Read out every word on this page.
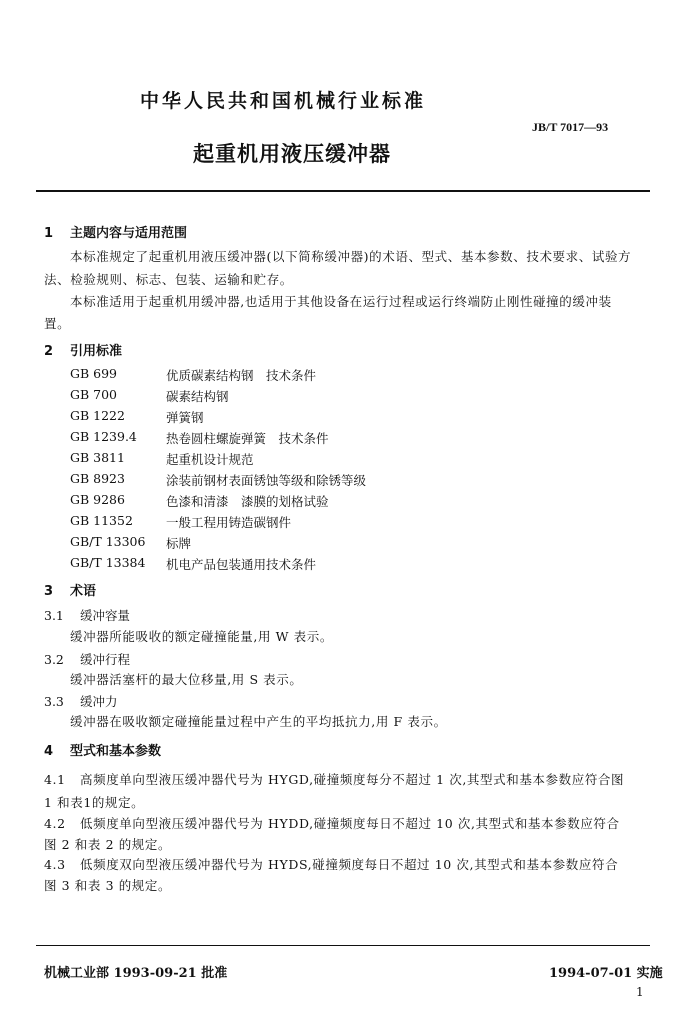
中华人民共和国机械行业标准
JB/T 7017—93
起重机用液压缓冲器
1 主题内容与适用范围
本标准规定了起重机用液压缓冲器(以下简称缓冲器)的术语、型式、基本参数、技术要求、试验方
法、检验规则、标志、包装、运输和贮存。
本标准适用于起重机用缓冲器,也适用于其他设备在运行过程或运行终端防止刚性碰撞的缓冲装
置。
2 引用标准
GB 699	优质碳素结构钢　技术条件
GB 700	碳素结构钢
GB 1222	弹簧钢
GB 1239.4 热卷圆柱螺旋弹簧　技术条件
GB 3811	起重机设计规范
GB 8923	涂装前钢材表面锈蚀等级和除锈等级
GB 9286	色漆和清漆　漆膜的划格试验
GB 11352	一般工程用铸造碳钢件
GB/T 13306 标牌
GB/T 13384 机电产品包装通用技术条件
3 术语
3.1 缓冲容量
缓冲器所能吸收的额定碰撞能量,用 W 表示。
3.2 缓冲行程
缓冲器活塞杆的最大位移量,用 S 表示。
3.3 缓冲力
缓冲器在吸收额定碰撞能量过程中产生的平均抵抗力,用 F 表示。
4 型式和基本参数
4.1 高频度单向型液压缓冲器代号为 HYGD,碰撞频度每分不超过 1 次,其型式和基本参数应符合图
1 和表1的规定。
4.2 低频度单向型液压缓冲器代号为 HYDD,碰撞频度每日不超过 10 次,其型式和基本参数应符合
图 2 和表 2 的规定。
4.3 低频度双向型液压缓冲器代号为 HYDS,碰撞频度每日不超过 10 次,其型式和基本参数应符合
图 3 和表 3 的规定。
机械工业部 1993-09-21 批准	1994-07-01 实施
1
